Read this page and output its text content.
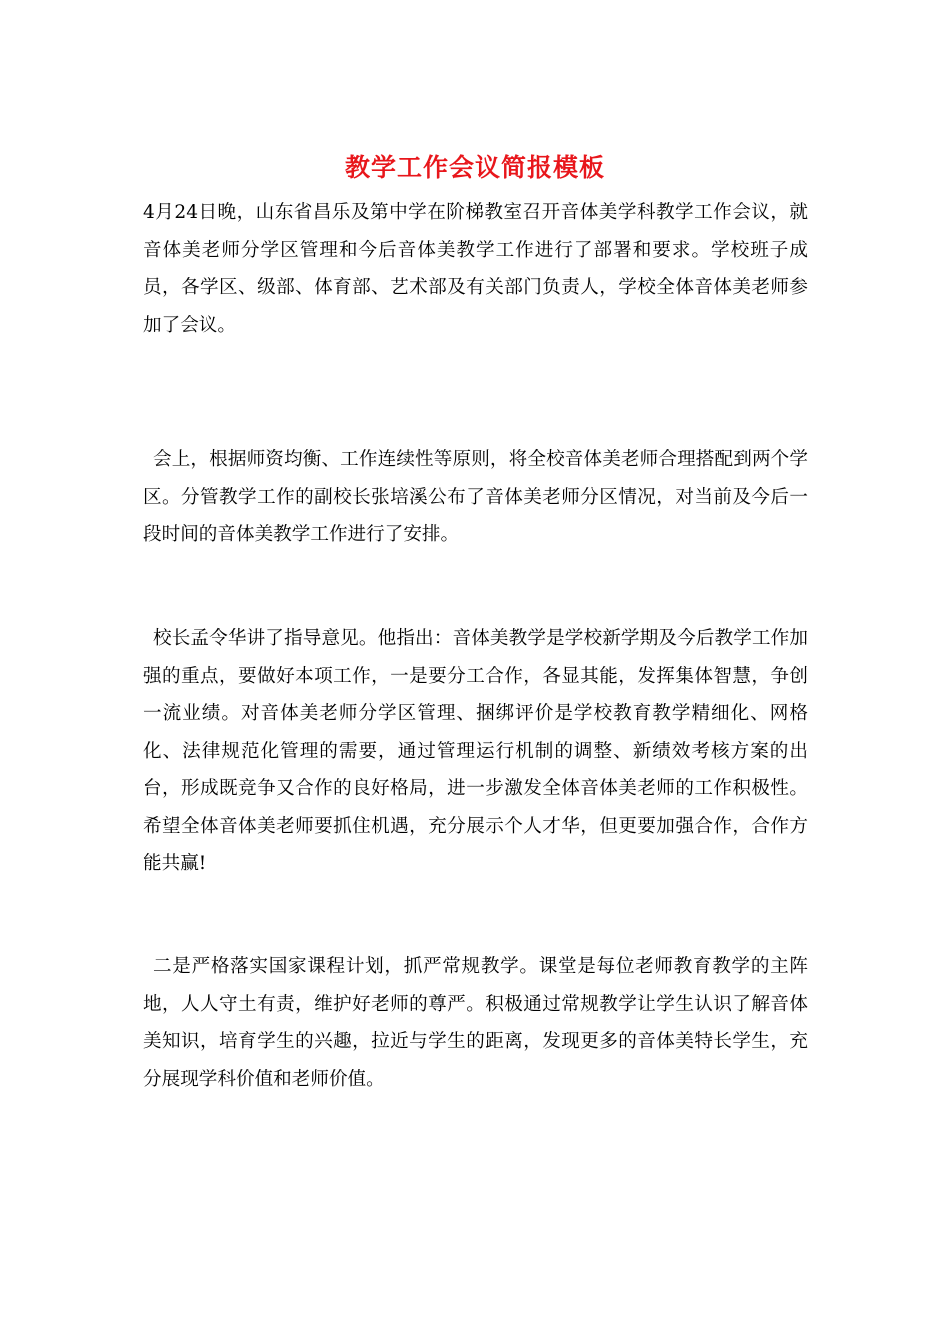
教学工作会议简报模板

4月24日晚，山东省昌乐及第中学在阶梯教室召开音体美学科教学工作会议，就音体美老师分学区管理和今后音体美教学工作进行了部署和要求。学校班子成员，各学区、级部、体育部、艺术部及有关部门负责人，学校全体音体美老师参加了会议。

会上，根据师资均衡、工作连续性等原则，将全校音体美老师合理搭配到两个学区。分管教学工作的副校长张培溪公布了音体美老师分区情况，对当前及今后一段时间的音体美教学工作进行了安排。

校长孟令华讲了指导意见。他指出：音体美教学是学校新学期及今后教学工作加强的重点，要做好本项工作，一是要分工合作，各显其能，发挥集体智慧，争创一流业绩。对音体美老师分学区管理、捆绑评价是学校教育教学精细化、网格化、法律规范化管理的需要，通过管理运行机制的调整、新绩效考核方案的出台，形成既竞争又合作的良好格局，进一步激发全体音体美老师的工作积极性。希望全体音体美老师要抓住机遇，充分展示个人才华，但更要加强合作，合作方能共赢!

二是严格落实国家课程计划，抓严常规教学。课堂是每位老师教育教学的主阵地，人人守土有责，维护好老师的尊严。积极通过常规教学让学生认识了解音体美知识，培育学生的兴趣，拉近与学生的距离，发现更多的音体美特长学生，充分展现学科价值和老师价值。
